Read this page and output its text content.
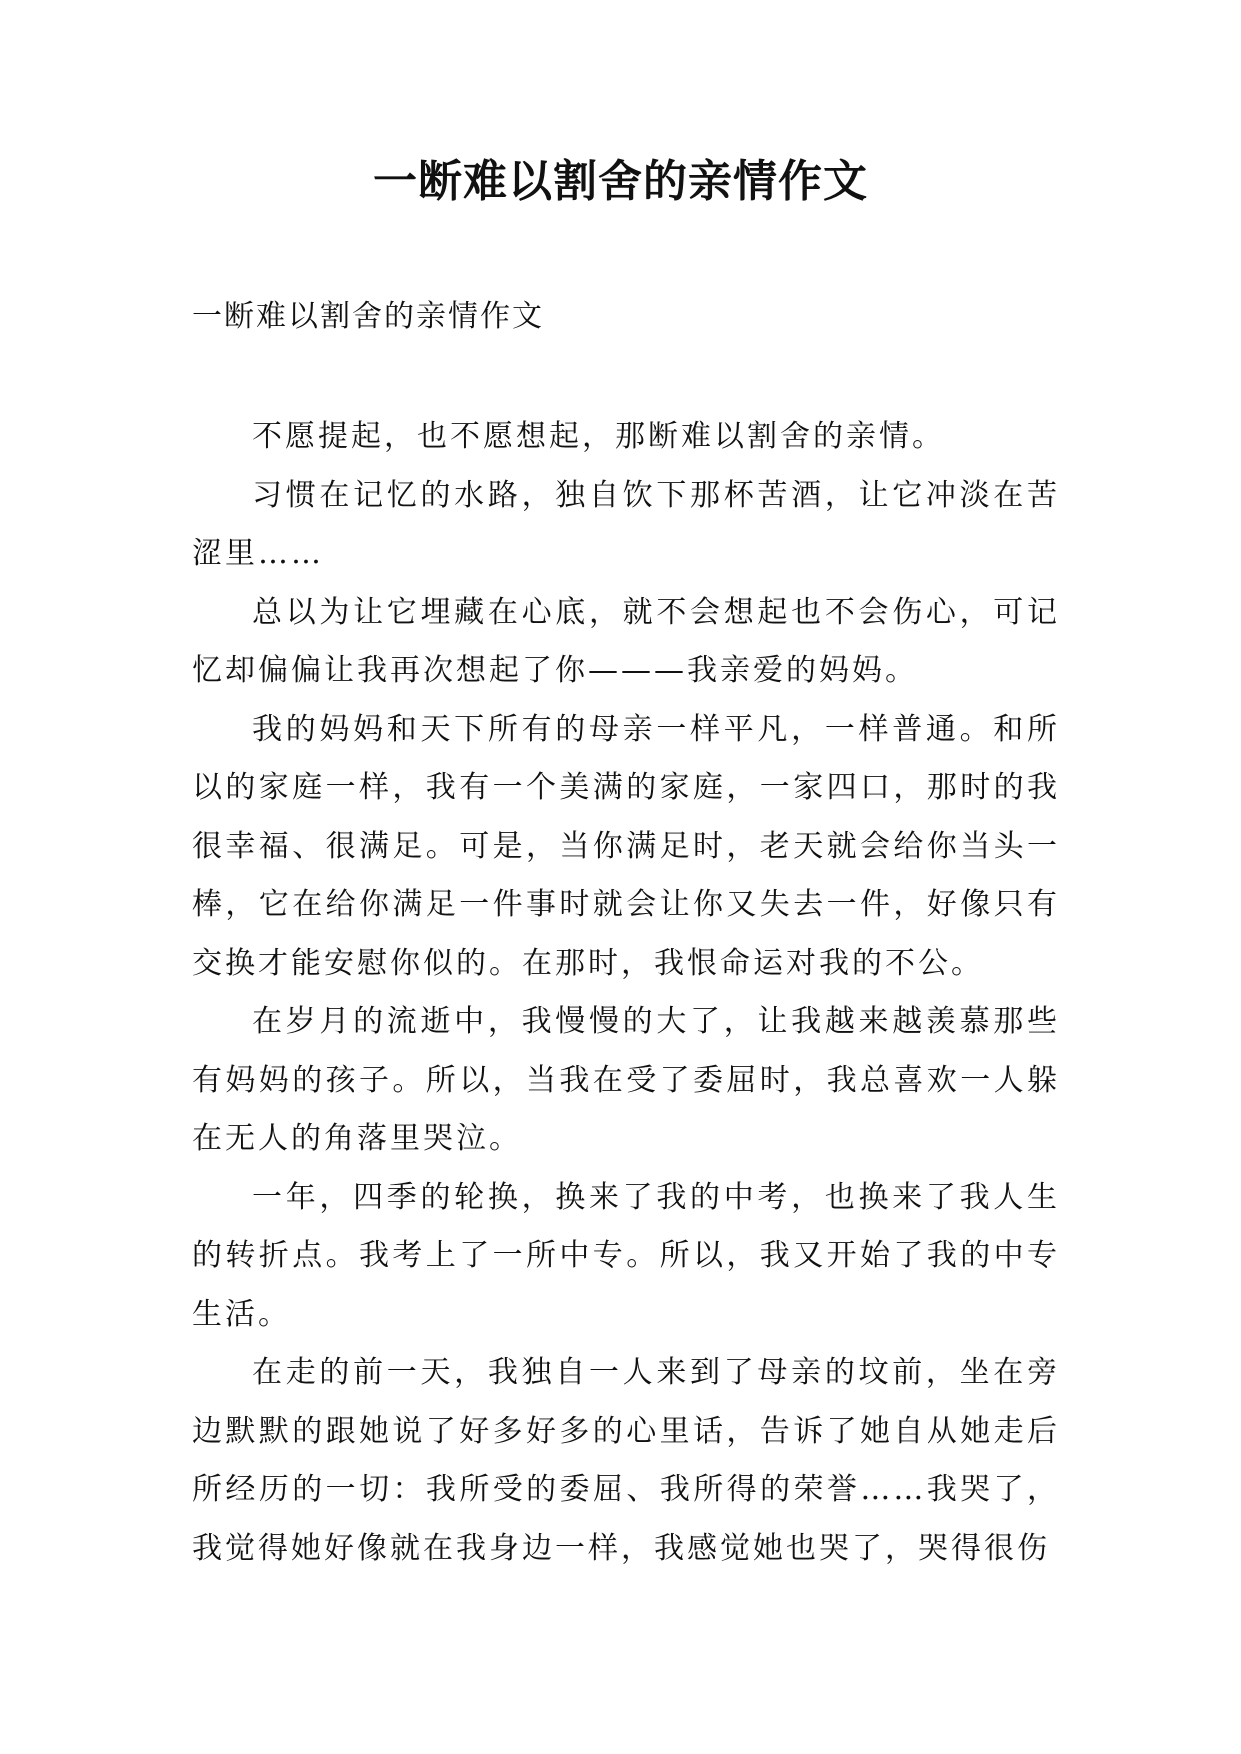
一断难以割舍的亲情作文

一断难以割舍的亲情作文

不愿提起，也不愿想起，那断难以割舍的亲情。

习惯在记忆的水路，独自饮下那杯苦酒，让它冲淡在苦涩里……

总以为让它埋藏在心底，就不会想起也不会伤心，可记忆却偏偏让我再次想起了你———我亲爱的妈妈。

我的妈妈和天下所有的母亲一样平凡，一样普通。和所以的家庭一样，我有一个美满的家庭，一家四口，那时的我很幸福、很满足。可是，当你满足时，老天就会给你当头一棒，它在给你满足一件事时就会让你又失去一件，好像只有交换才能安慰你似的。在那时，我恨命运对我的不公。

在岁月的流逝中，我慢慢的大了，让我越来越羡慕那些有妈妈的孩子。所以，当我在受了委屈时，我总喜欢一人躲在无人的角落里哭泣。

一年，四季的轮换，换来了我的中考，也换来了我人生的转折点。我考上了一所中专。所以，我又开始了我的中专生活。

在走的前一天，我独自一人来到了母亲的坟前，坐在旁边默默的跟她说了好多好多的心里话，告诉了她自从她走后所经历的一切：我所受的委屈、我所得的荣誉……我哭了，我觉得她好像就在我身边一样，我感觉她也哭了，哭得很伤
